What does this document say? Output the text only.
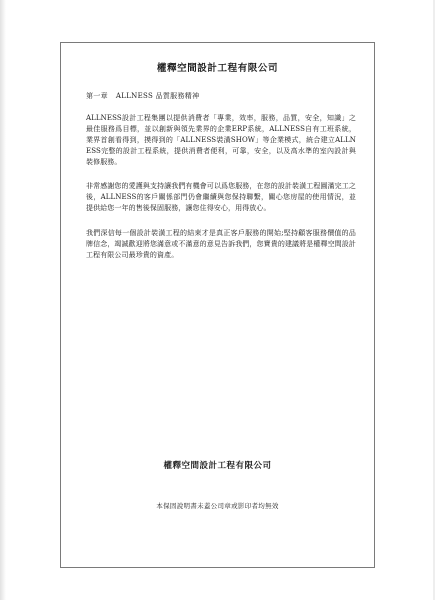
權釋空間設計工程有限公司
第一章 ALLNESS 品質服務精神

ALLNESS設計工程集團以提供消費者「專業，效率，服務，品質，安全，知識」之最佳服務爲目標，並以創新與領先業界的企業ERP系統，ALLNESS自有工班系統，業界首創看得到，摸得到的「ALLNESS裝潢SHOW」等企業模式，統合建立ALLNESS完整的設計工程系統，提供消費者便利，可靠，安全，以及高水準的室內設計與裝修服務。

非常感謝您的愛護與支持讓我們有機會可以爲您服務，在您的設計裝潢工程圓滿完工之後，ALLNESS的客戶關係部門仍會繼續與您保持聯繫，關心您房屋的使用情況，並提供給您一年的售後保固服務，讓您住得安心，用得放心。

我們深信每一個設計裝潢工程的結束才是真正客戶服務的開始;堅持顧客服務價值的品牌信念，竭誠歡迎將您滿意或不滿意的意見告訴我們，您寶貴的建議將是權釋空間設計工程有限公司最珍貴的資產。

權釋空間設計工程有限公司
本保固說明書未蓋公司章或影印者均無效
